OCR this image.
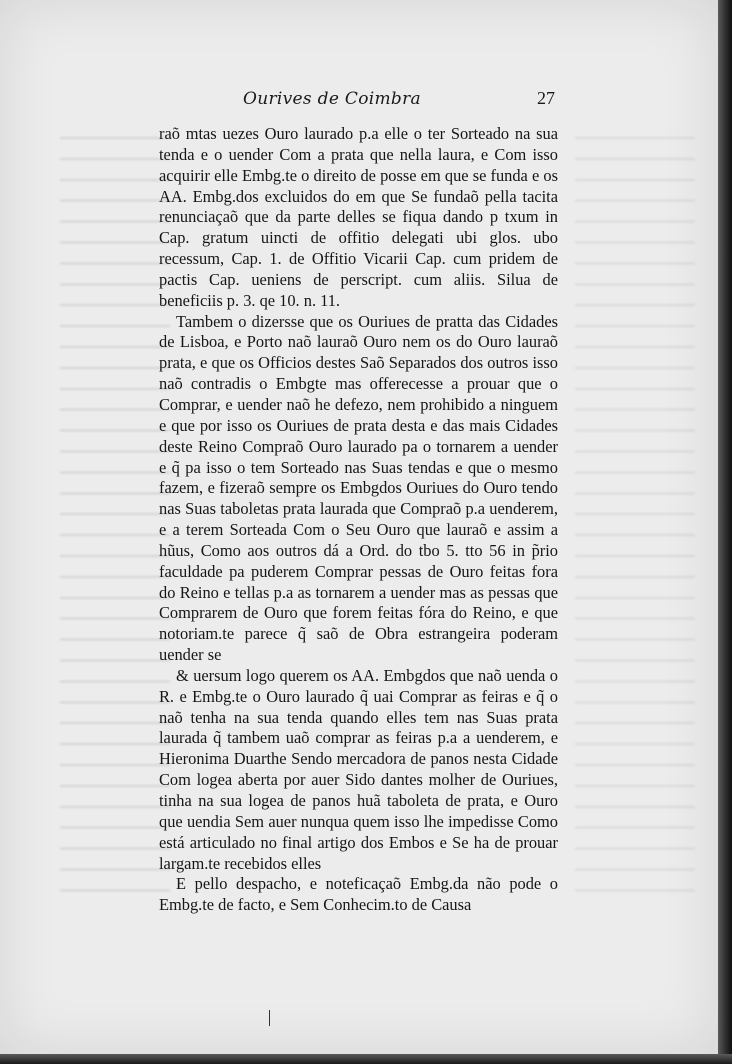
Ourives de Coimbra	27

raõ mtas uezes Ouro laurado p.a elle o ter Sorteado na sua tenda e o uender Com a prata que nella laura, e Com isso acquirir elle Embg.te o direito de posse em que se funda e os AA. Embg.dos excluidos do em que Se fundaõ pella tacita renunciaçaõ que da parte delles se fiqua dando p txum in Cap. gratum uincti de offitio delegati ubi glos. ubo recessum, Cap. 1. de Offitio Vicarii Cap. cum pridem de pactis Cap. ueniens de perscript. cum aliis. Silua de beneficiis p. 3. qe 10. n. 11.

Tambem o dizersse que os Ouriues de pratta das Cidades de Lisboa, e Porto naõ lauraõ Ouro nem os do Ouro lauraõ prata, e que os Officios destes Saõ Separados dos outros isso naõ contradis o Embgte mas offerecesse a prouar que o Comprar, e uender naõ he defezo, nem prohibido a ninguem e que por isso os Ouriues de prata desta e das mais Cidades deste Reino Compraõ Ouro laurado pa o tornarem a uender e q̃ pa isso o tem Sorteado nas Suas tendas e que o mesmo fazem, e fizeraõ sempre os Embgdos Ouriues do Ouro tendo nas Suas taboletas prata laurada que Compraõ p.a uenderem, e a terem Sorteada Com o Seu Ouro que lauraõ e assim a hũus, Como aos outros dá a Ord. do tbo 5. tto 56 in p̃rio faculdade pa puderem Comprar pessas de Ouro feitas fora do Reino e tellas p.a as tornarem a uender mas as pessas que Comprarem de Ouro que forem feitas fóra do Reino, e que notoriam.te parece q̃ saõ de Obra estrangeira poderam uender se

& uersum logo querem os AA. Embgdos que naõ uenda o R. e Embg.te o Ouro laurado q̃ uai Comprar as feiras e q̃ o naõ tenha na sua tenda quando elles tem nas Suas prata laurada q̃ tambem uaõ comprar as feiras p.a a uenderem, e Hieronima Duarthe Sendo mercadora de panos nesta Cidade Com logea aberta por auer Sido dantes molher de Ouriues, tinha na sua logea de panos huã taboleta de prata, e Ouro que uendia Sem auer nunqua quem isso lhe impedisse Como está articulado no final artigo dos Embos e Se ha de prouar largam.te recebidos elles

E pello despacho, e noteficaçaõ Embg.da não pode o Embg.te de facto, e Sem Conhecim.to de Causa
